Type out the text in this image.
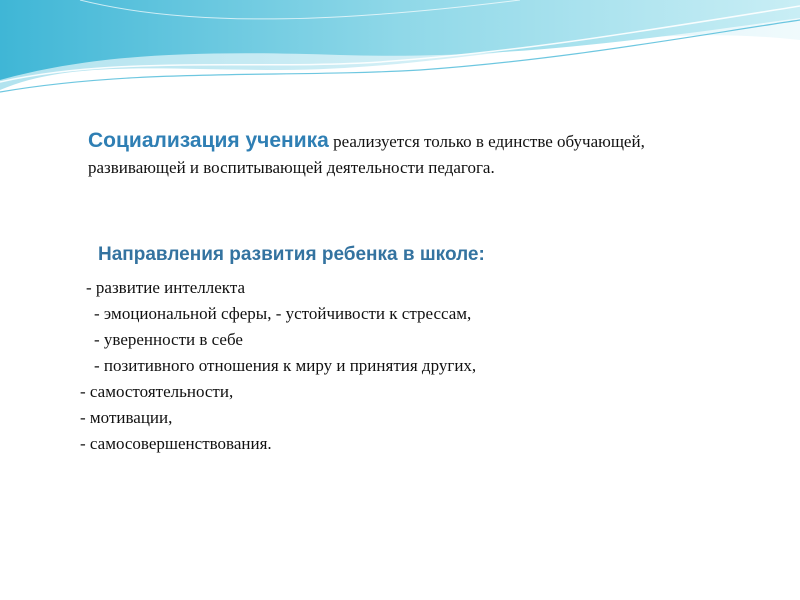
Социализация ученика реализуется только в единстве обучающей, развивающей и воспитывающей деятельности педагога.
Направления развития ребенка в школе:
- развитие интеллекта
- эмоциональной сферы, - устойчивости к стрессам,
- уверенности в себе
- позитивного отношения к миру и принятия других,
- самостоятельности,
- мотивации,
- самосовершенствования.
